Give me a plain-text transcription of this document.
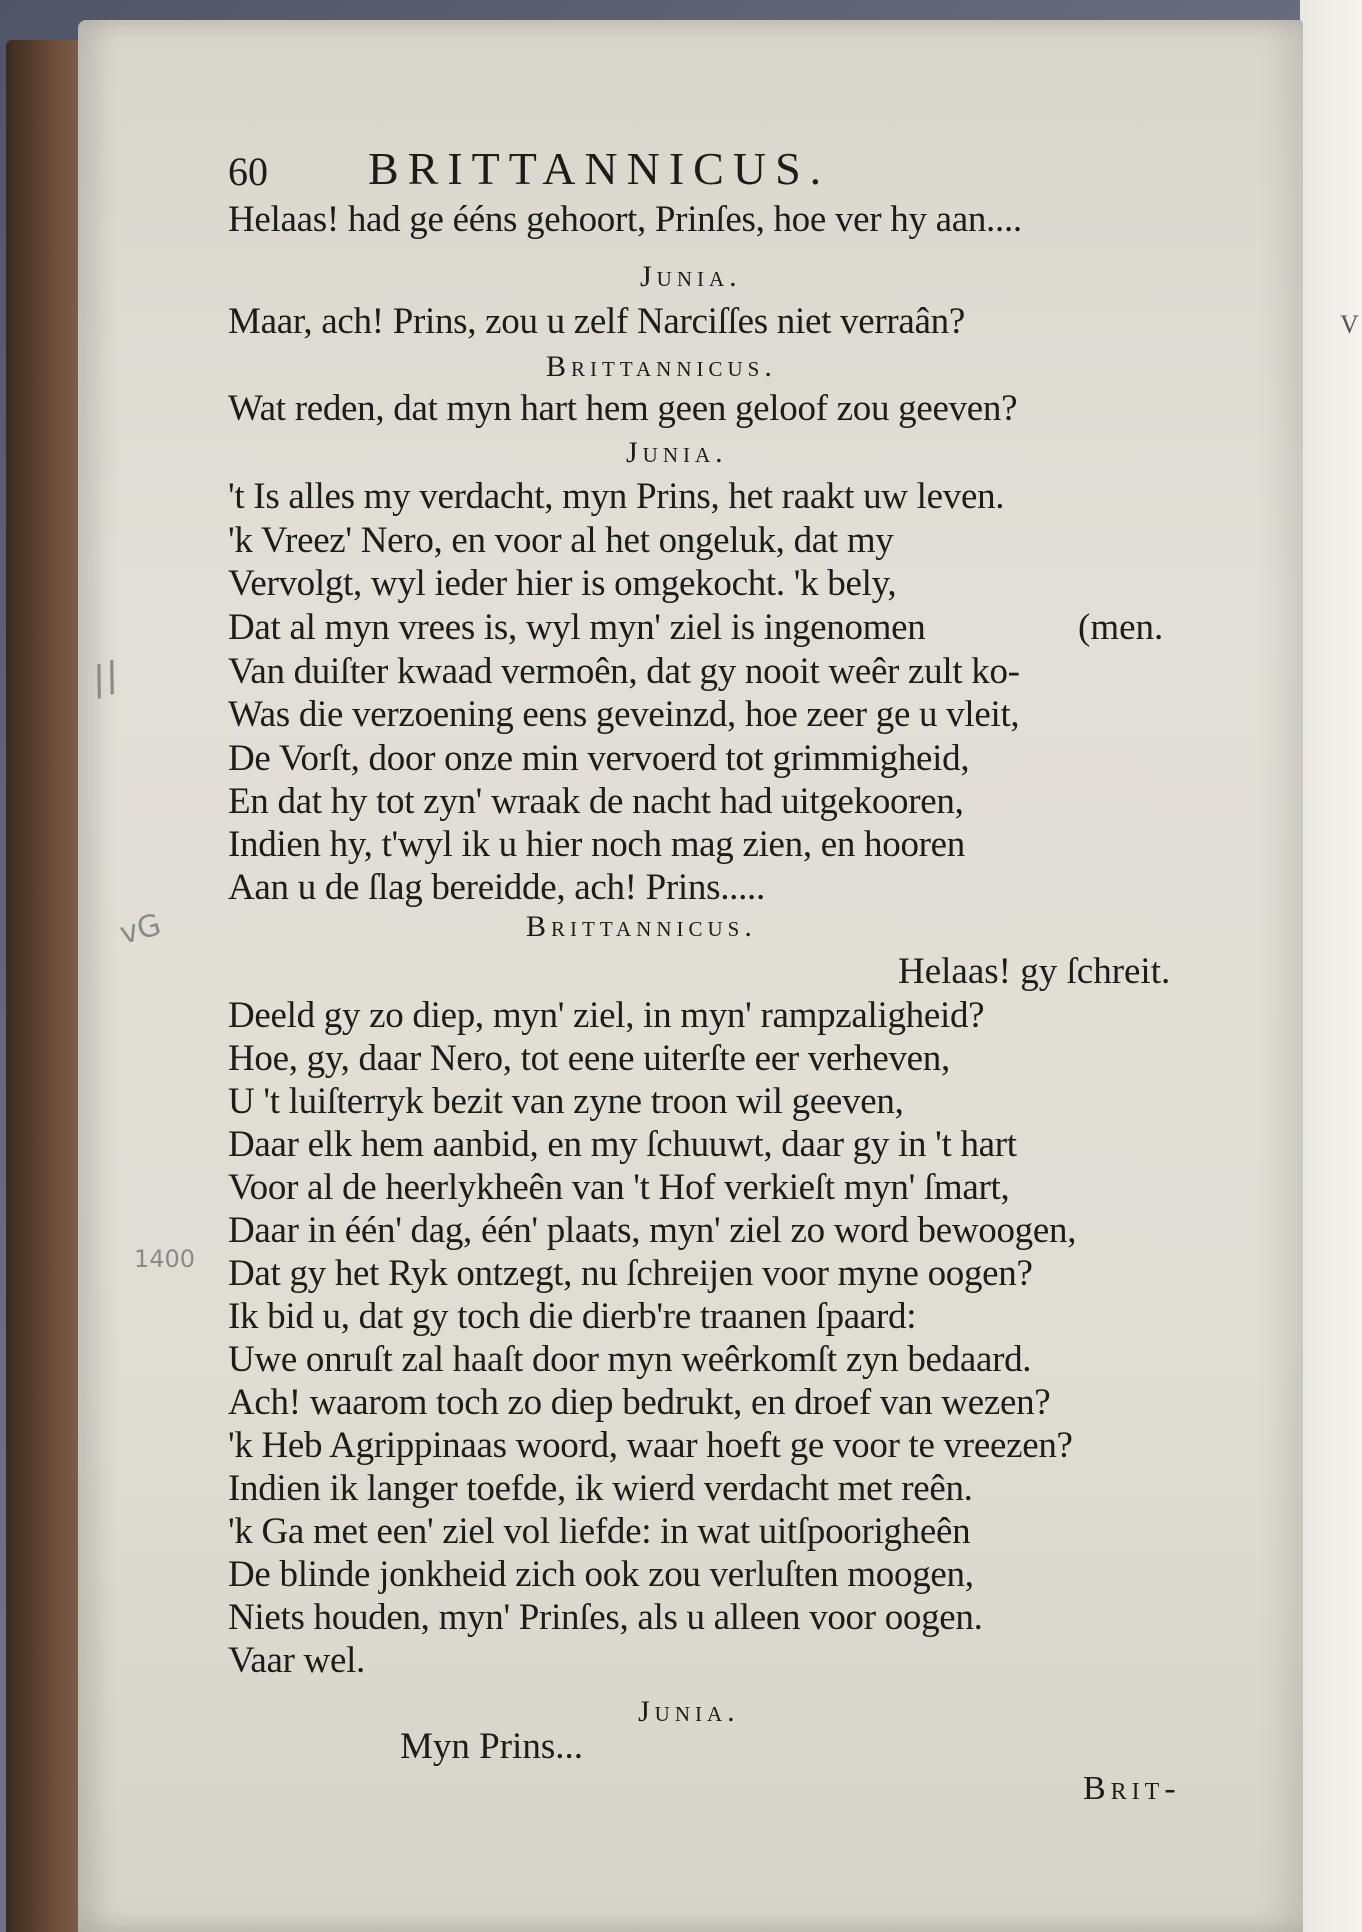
V
60 BRITTANNICUS.
Helaas! had ge ééns gehoort, Prinſes, hoe ver hy aan....
Junia.
Maar, ach! Prins, zou u zelf Narciſſes niet verraân?
Brittannicus.
Wat reden, dat myn hart hem geen geloof zou geeven?
Junia.
't Is alles my verdacht, myn Prins, het raakt uw leven.
'k Vreez' Nero, en voor al het ongeluk, dat my
Vervolgt, wyl ieder hier is omgekocht. 'k bely,
Dat al myn vrees is, wyl myn' ziel is ingenomen	(men.
Van duiſter kwaad vermoên, dat gy nooit weêr zult ko-
Was die verzoening eens geveinzd, hoe zeer ge u vleit,
De Vorſt, door onze min vervoerd tot grimmigheid,
En dat hy tot zyn' wraak de nacht had uitgekooren,
Indien hy, t'wyl ik u hier noch mag zien, en hooren
Aan u de ſlag bereidde, ach! Prins.....
Brittannicus.
Helaas! gy ſchreit.
Deeld gy zo diep, myn' ziel, in myn' rampzaligheid?
Hoe, gy, daar Nero, tot eene uiterſte eer verheven,
U 't luiſterryk bezit van zyne troon wil geeven,
Daar elk hem aanbid, en my ſchuuwt, daar gy in 't hart
Voor al de heerlykheên van 't Hof verkieſt myn' ſmart,
Daar in één' dag, één' plaats, myn' ziel zo word bewoogen,
Dat gy het Ryk ontzegt, nu ſchreijen voor myne oogen?
Ik bid u, dat gy toch die dierb're traanen ſpaard:
Uwe onruſt zal haaſt door myn weêrkomſt zyn bedaard.
Ach! waarom toch zo diep bedrukt, en droef van wezen?
'k Heb Agrippinaas woord, waar hoeft ge voor te vreezen?
Indien ik langer toefde, ik wierd verdacht met reên.
'k Ga met een' ziel vol liefde: in wat uitſpoorigheên
De blinde jonkheid zich ook zou verluſten moogen,
Niets houden, myn' Prinſes, als u alleen voor oogen.
Vaar wel.
Junia.
Myn Prins...
Brit-
//
vG
1400
